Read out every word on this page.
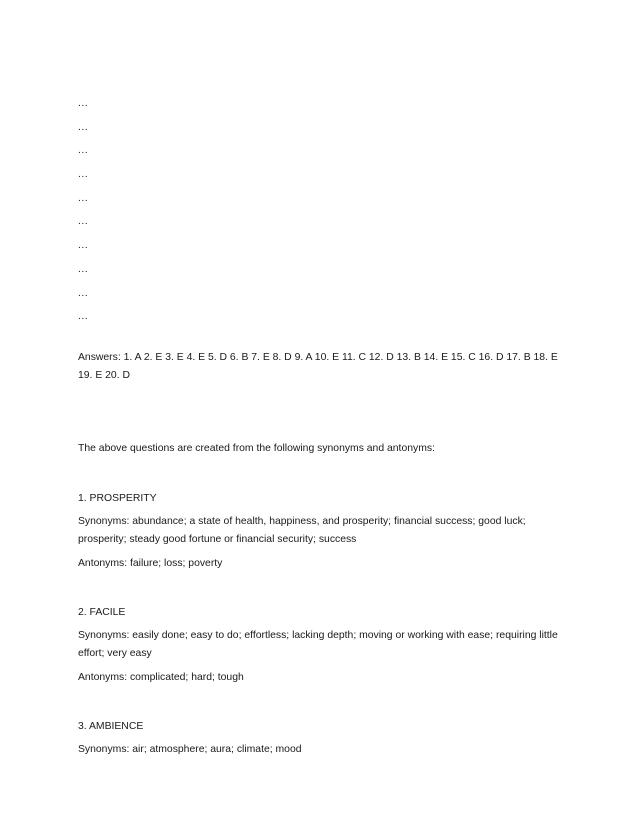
...
...
...
...
...
...
...
...
...
...

Answers: 1. A 2. E 3. E 4. E 5. D 6. B 7. E 8. D 9. A 10. E 11. C 12. D 13. B 14. E 15. C 16. D 17. B 18. E 19. E 20. D

The above questions are created from the following synonyms and antonyms:

1. PROSPERITY

Synonyms: abundance; a state of health, happiness, and prosperity; financial success; good luck; prosperity; steady good fortune or financial security; success

Antonyms: failure; loss; poverty

2. FACILE

Synonyms: easily done; easy to do; effortless; lacking depth; moving or working with ease; requiring little effort; very easy

Antonyms: complicated; hard; tough

3. AMBIENCE

Synonyms: air; atmosphere; aura; climate; mood
